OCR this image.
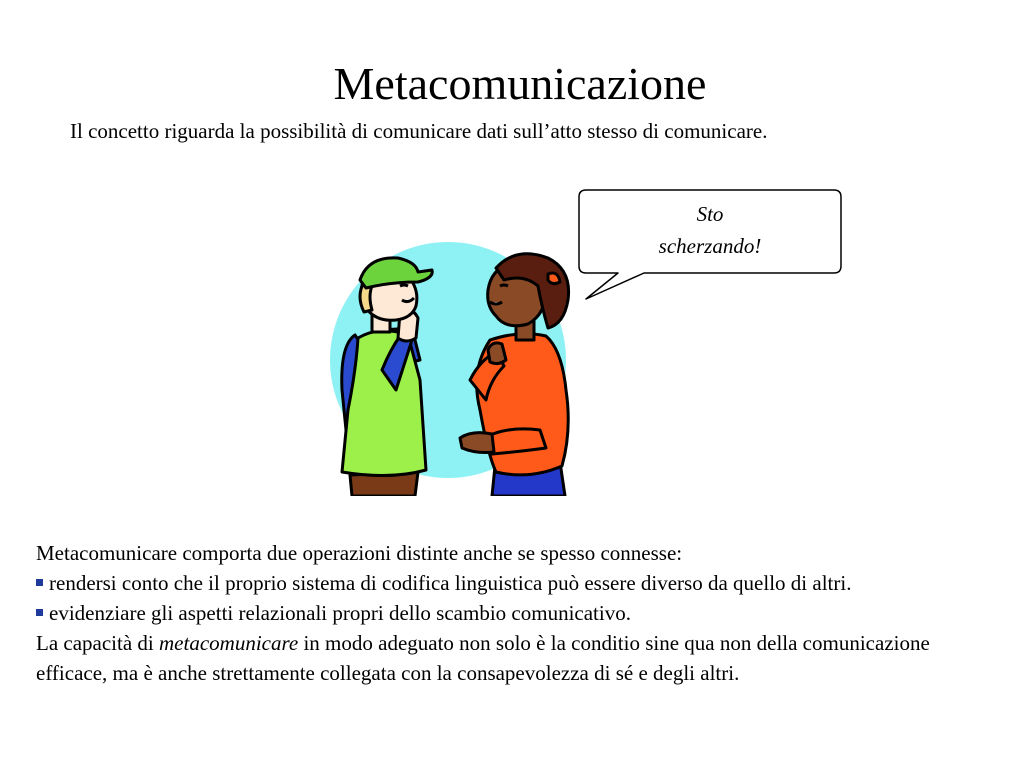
Metacomunicazione
Il concetto riguarda la possibilità di comunicare dati sull’atto stesso di comunicare.
Sto
scherzando!

Metacomunicare comporta due operazioni distinte anche se spesso connesse:

rendersi conto che il proprio sistema di codifica linguistica può essere diverso da quello di altri.

evidenziare gli aspetti relazionali propri dello scambio comunicativo.

La capacità di metacomunicare in modo adeguato non solo è la conditio sine qua non della comunicazione efficace, ma è anche strettamente collegata con la consapevolezza di sé e degli altri.
